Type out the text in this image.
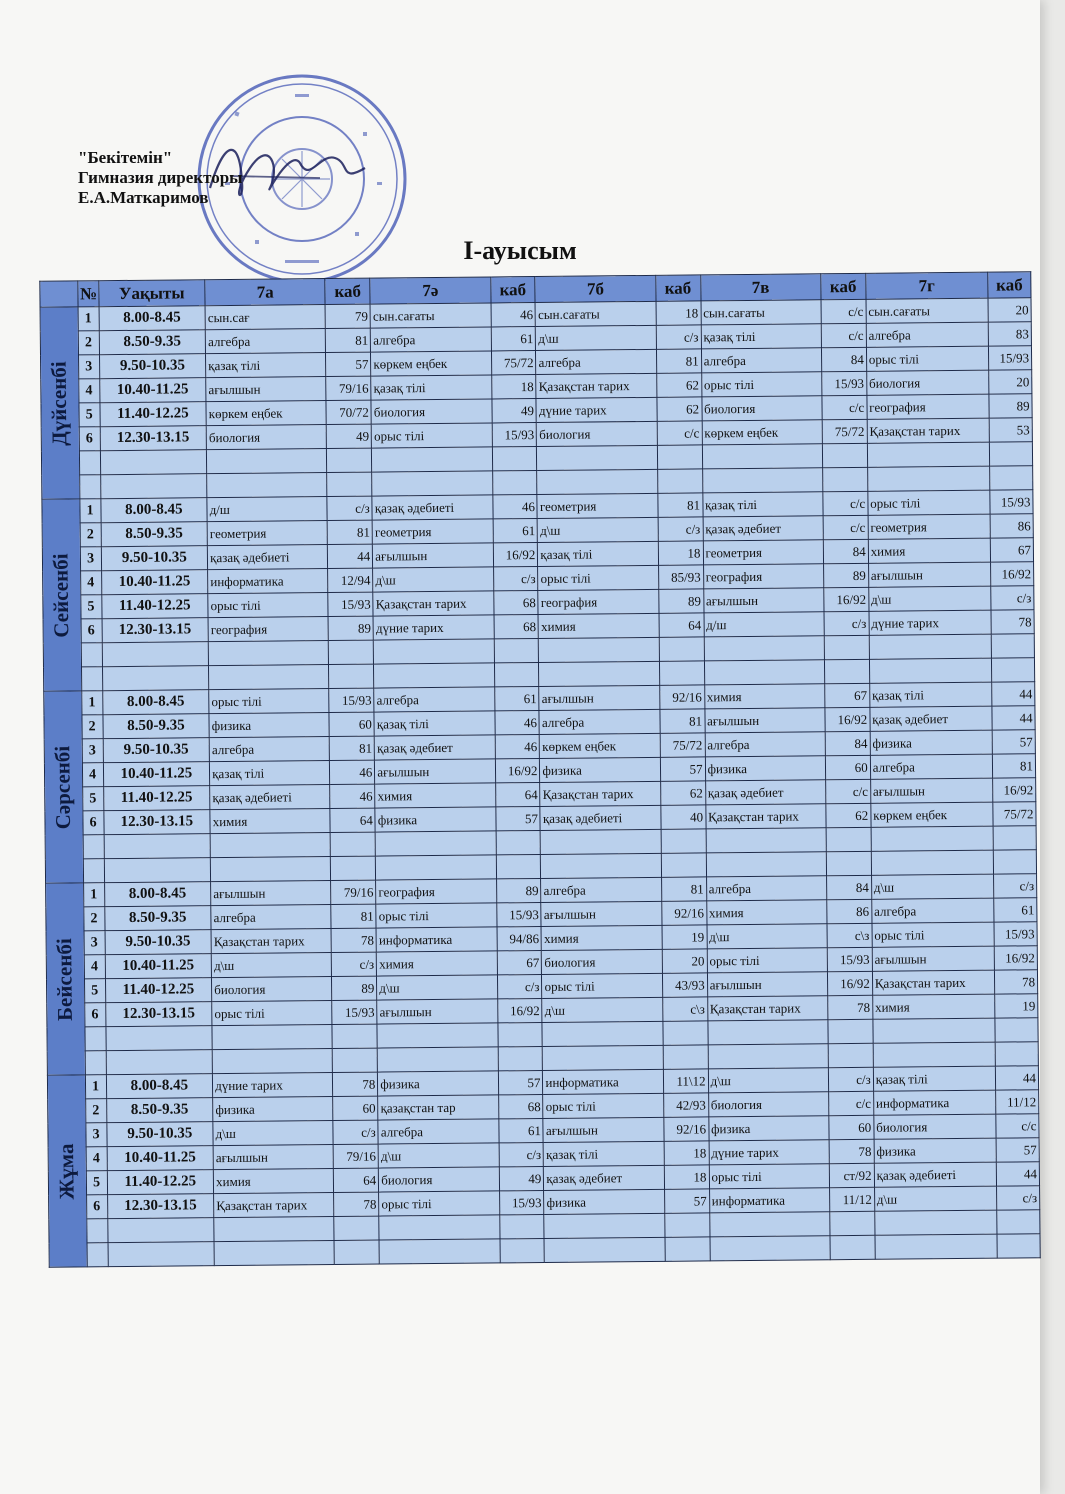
"Бекітемін"
Гимназия директоры
Е.А.Маткаримов
I-ауысым
	№	Уақыты	7а	каб	7ә	каб	7б	каб	7в	каб	7г	каб

Дүйсенбі	1	8.00-8.45	сын.сағ	79	сын.сағаты	46	сын.сағаты	18	сын.сағаты	с/с	сын.сағаты	20
	2	8.50-9.35	алгебра	81	алгебра	61	д\ш	с/з	қазақ тілі	с/с	алгебра	83
	3	9.50-10.35	қазақ тілі	57	көркем еңбек	75/72	алгебра	81	алгебра	84	орыс тілі	15/93
	4	10.40-11.25	ағылшын	79/16	қазақ тілі	18	Қазақстан тарих	62	орыс тілі	15/93	биология	20
	5	11.40-12.25	көркем еңбек	70/72	биология	49	дүние тарих	62	биология	с/с	география	89
	6	12.30-13.15	биология	49	орыс тілі	15/93	биология	с/с	көркем еңбек	75/72	Қазақстан тарих	53

Сейсенбі	1	8.00-8.45	д/ш	с/з	қазақ әдебиеті	46	геометрия	81	қазақ тілі	с/с	орыс тілі	15/93
	2	8.50-9.35	геометрия	81	геометрия	61	д\ш	с/з	қазақ әдебиет	с/с	геометрия	86
	3	9.50-10.35	қазақ әдебиеті	44	ағылшын	16/92	қазақ тілі	18	геометрия	84	химия	67
	4	10.40-11.25	информатика	12/94	д\ш	с/з	орыс тілі	85/93	география	89	ағылшын	16/92
	5	11.40-12.25	орыс тілі	15/93	Қазақстан тарих	68	география	89	ағылшын	16/92	д\ш	с/з
	6	12.30-13.15	география	89	дүние тарих	68	химия	64	д/ш	с/з	дүние тарих	78

Сәрсенбі	1	8.00-8.45	орыс тілі	15/93	алгебра	61	ағылшын	92/16	химия	67	қазақ тілі	44
	2	8.50-9.35	физика	60	қазақ тілі	46	алгебра	81	ағылшын	16/92	қазақ әдебиет	44
	3	9.50-10.35	алгебра	81	қазақ әдебиет	46	көркем еңбек	75/72	алгебра	84	физика	57
	4	10.40-11.25	қазақ тілі	46	ағылшын	16/92	физика	57	физика	60	алгебра	81
	5	11.40-12.25	қазақ әдебиеті	46	химия	64	Қазақстан тарих	62	қазақ әдебиет	с/с	ағылшын	16/92
	6	12.30-13.15	химия	64	физика	57	қазақ әдебиеті	40	Қазақстан тарих	62	көркем еңбек	75/72

Бейсенбі	1	8.00-8.45	ағылшын	79/16	география	89	алгебра	81	алгебра	84	д\ш	с/з
	2	8.50-9.35	алгебра	81	орыс тілі	15/93	ағылшын	92/16	химия	86	алгебра	61
	3	9.50-10.35	Қазақстан тарих	78	информатика	94/86	химия	19	д\ш	с\з	орыс тілі	15/93
	4	10.40-11.25	д\ш	с/з	химия	67	биология	20	орыс тілі	15/93	ағылшын	16/92
	5	11.40-12.25	биология	89	д\ш	с/з	орыс тілі	43/93	ағылшын	16/92	Қазақстан тарих	78
	6	12.30-13.15	орыс тілі	15/93	ағылшын	16/92	д\ш	с\з	Қазақстан тарих	78	химия	19

Жұма	1	8.00-8.45	дүние тарих	78	физика	57	информатика	11\12	д\ш	с/з	қазақ тілі	44
	2	8.50-9.35	физика	60	қазақстан тар	68	орыс тілі	42/93	биология	с/с	информатика	11/12
	3	9.50-10.35	д\ш	с/з	алгебра	61	ағылшын	92/16	физика	60	биология	с/с
	4	10.40-11.25	ағылшын	79/16	д\ш	с/з	қазақ тілі	18	дүние тарих	78	физика	57
	5	11.40-12.25	химия	64	биология	49	қазақ әдебиет	18	орыс тілі	ст/92	қазақ әдебиеті	44
	6	12.30-13.15	Қазақстан тарих	78	орыс тілі	15/93	физика	57	информатика	11/12	д\ш	с/з
